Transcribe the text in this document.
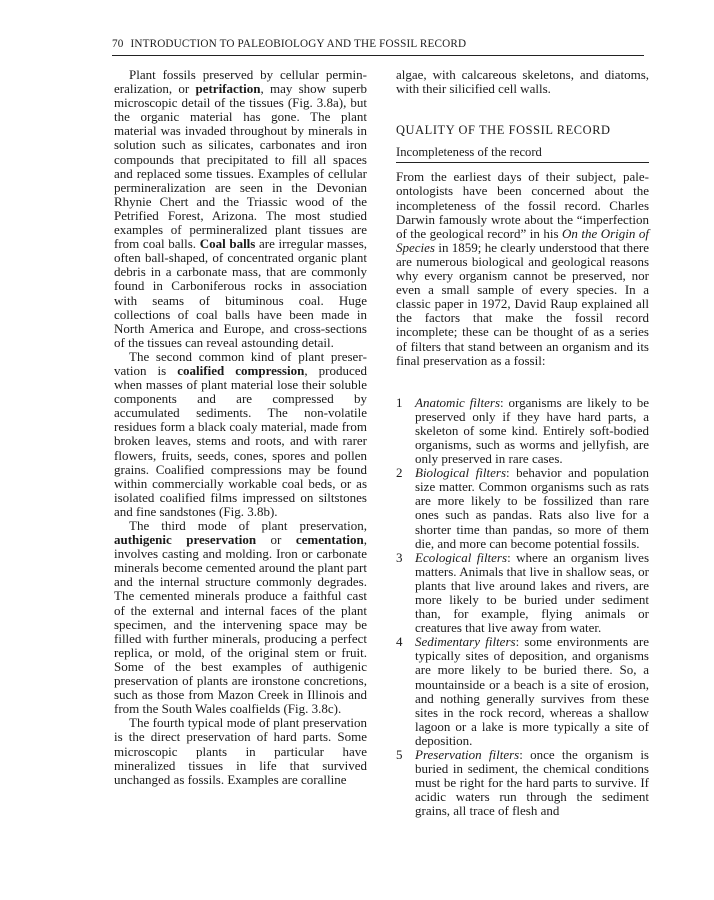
70 INTRODUCTION TO PALEOBIOLOGY AND THE FOSSIL RECORD

Plant fossils preserved by cellular permineralization, or petrifaction, may show superb microscopic detail of the tissues (Fig. 3.8a), but the organic material has gone. The plant material was invaded throughout by minerals in solution such as silicates, carbonates and iron compounds that precipitated to fill all spaces and replaced some tissues. Examples of cellular permineralization are seen in the Devonian Rhynie Chert and the Triassic wood of the Petrified Forest, Arizona. The most studied examples of permineralized plant tissues are from coal balls. Coal balls are irregular masses, often ball-shaped, of concentrated organic plant debris in a carbonate mass, that are commonly found in Carboniferous rocks in association with seams of bituminous coal. Huge collections of coal balls have been made in North America and Europe, and cross-sections of the tissues can reveal astounding detail.

The second common kind of plant preservation is coalified compression, produced when masses of plant material lose their soluble components and are compressed by accumulated sediments. The non-volatile residues form a black coaly material, made from broken leaves, stems and roots, and with rarer flowers, fruits, seeds, cones, spores and pollen grains. Coalified compressions may be found within commercially workable coal beds, or as isolated coalified films impressed on siltstones and fine sandstones (Fig. 3.8b).

The third mode of plant preservation, authigenic preservation or cementation, involves casting and molding. Iron or carbonate minerals become cemented around the plant part and the internal structure commonly degrades. The cemented minerals produce a faithful cast of the external and internal faces of the plant specimen, and the intervening space may be filled with further minerals, producing a perfect replica, or mold, of the original stem or fruit. Some of the best examples of authigenic preservation of plants are ironstone concretions, such as those from Mazon Creek in Illinois and from the South Wales coalfields (Fig. 3.8c).

The fourth typical mode of plant preservation is the direct preservation of hard parts. Some microscopic plants in particular have mineralized tissues in life that survived unchanged as fossils. Examples are coralline

algae, with calcareous skeletons, and diatoms, with their silicified cell walls.

QUALITY OF THE FOSSIL RECORD
Incompleteness of the record

From the earliest days of their subject, paleontologists have been concerned about the incompleteness of the fossil record. Charles Darwin famously wrote about the “imperfection of the geological record” in his On the Origin of Species in 1859; he clearly understood that there are numerous biological and geological reasons why every organism cannot be preserved, nor even a small sample of every species. In a classic paper in 1972, David Raup explained all the factors that make the fossil record incomplete; these can be thought of as a series of filters that stand between an organism and its final preservation as a fossil:

1 Anatomic filters: organisms are likely to be preserved only if they have hard parts, a skeleton of some kind. Entirely soft-bodied organisms, such as worms and jellyfish, are only preserved in rare cases.
2 Biological filters: behavior and population size matter. Common organisms such as rats are more likely to be fossilized than rare ones such as pandas. Rats also live for a shorter time than pandas, so more of them die, and more can become potential fossils.
3 Ecological filters: where an organism lives matters. Animals that live in shallow seas, or plants that live around lakes and rivers, are more likely to be buried under sediment than, for example, flying animals or creatures that live away from water.
4 Sedimentary filters: some environments are typically sites of deposition, and organisms are more likely to be buried there. So, a mountainside or a beach is a site of erosion, and nothing generally survives from these sites in the rock record, whereas a shallow lagoon or a lake is more typically a site of deposition.
5 Preservation filters: once the organism is buried in sediment, the chemical conditions must be right for the hard parts to survive. If acidic waters run through the sediment grains, all trace of flesh and
